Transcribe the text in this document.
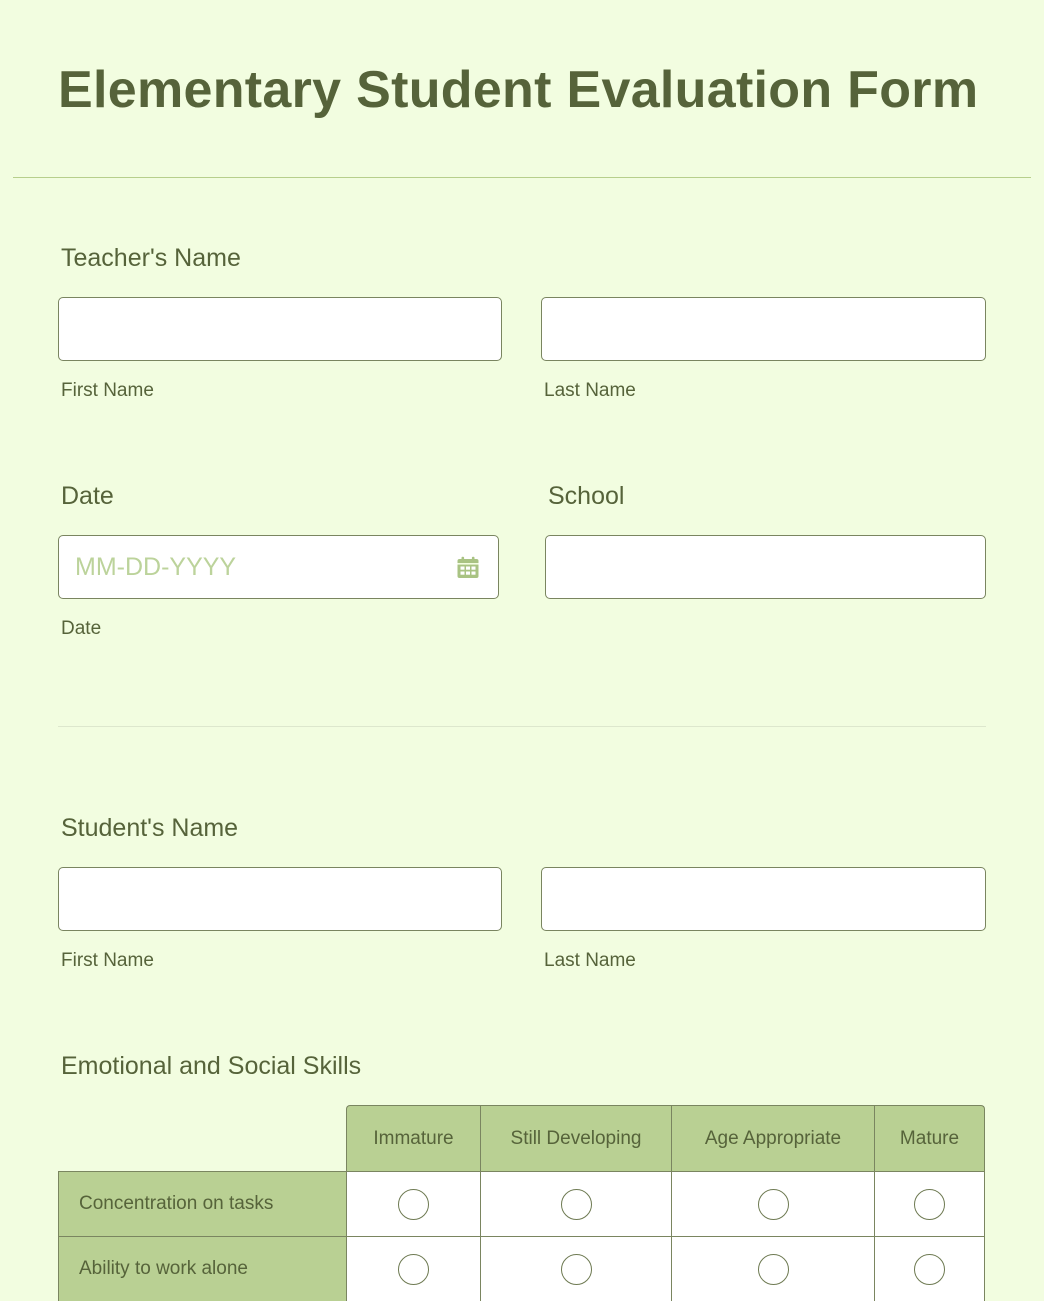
Elementary Student Evaluation Form
Teacher's Name
First Name	Last Name
Date
MM-DD-YYYY
Date
School
Student's Name
First Name	Last Name
Emotional and Social Skills
	Immature	Still Developing	Age Appropriate	Mature
Concentration on tasks				
Ability to work alone				
